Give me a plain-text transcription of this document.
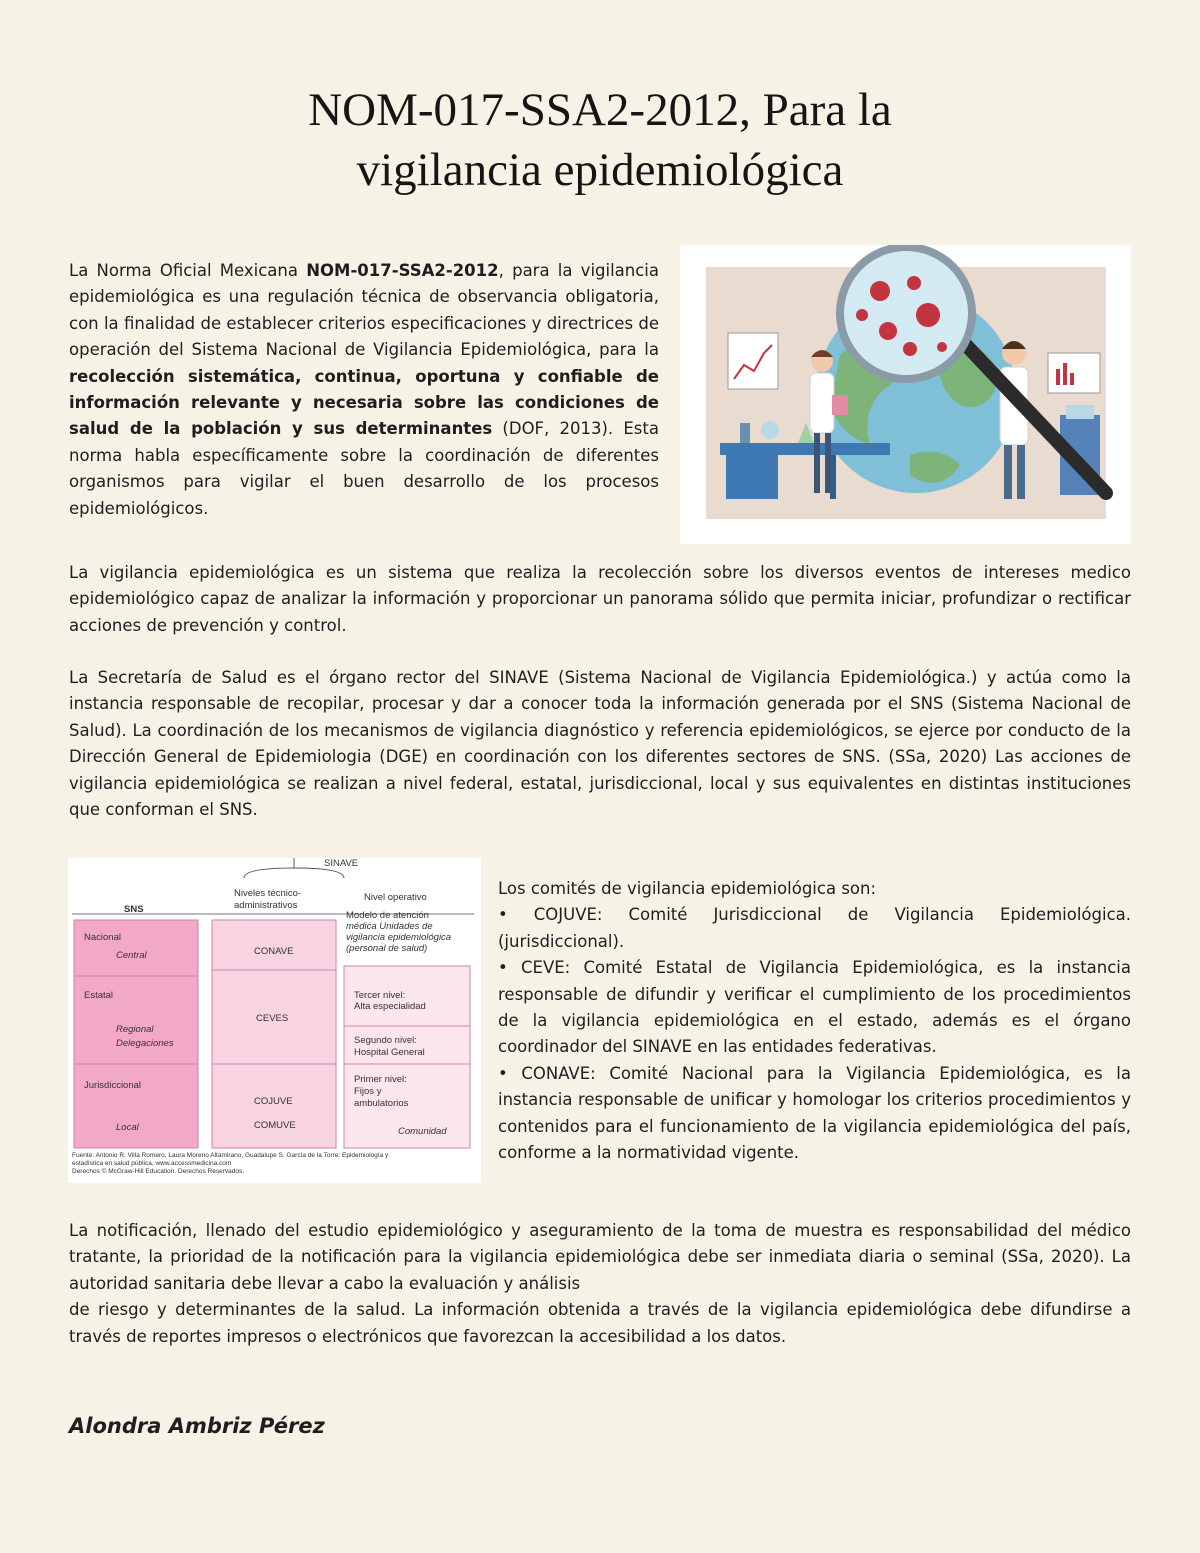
NOM-017-SSA2-2012, Para la
vigilancia epidemiológica

La Norma Oficial Mexicana NOM-017-SSA2-2012, para la vigilancia epidemiológica es una regulación técnica de observancia obligatoria, con la finalidad de establecer criterios especificaciones y directrices de operación del Sistema Nacional de Vigilancia Epidemiológica, para la recolección sistemática, continua, oportuna y confiable de información relevante y necesaria sobre las condiciones de salud de la población y sus determinantes (DOF, 2013). Esta norma habla específicamente sobre la coordinación de diferentes organismos para vigilar el buen desarrollo de los procesos epidemiológicos.

La vigilancia epidemiológica es un sistema que realiza la recolección sobre los diversos eventos de intereses medico epidemiológico capaz de analizar la información y proporcionar un panorama sólido que permita iniciar, profundizar o rectificar acciones de prevención y control.

La Secretaría de Salud es el órgano rector del SINAVE (Sistema Nacional de Vigilancia Epidemiológica.) y actúa como la instancia responsable de recopilar, procesar y dar a conocer toda la información generada por el SNS (Sistema Nacional de Salud). La coordinación de los mecanismos de vigilancia diagnóstico y referencia epidemiológicos, se ejerce por conducto de la Dirección General de Epidemiologia (DGE) en coordinación con los diferentes sectores de SNS. (SSa, 2020) Las acciones de vigilancia epidemiológica se realizan a nivel federal, estatal, jurisdiccional, local y sus equivalentes en distintas instituciones que conforman el SNS.

SINAVE
SNS
Niveles técnico-
administrativos
Nivel operativo
Modelo de atención
médica Unidades de
vigilancia epidemiológica
(personal de salud)
Nacional
Central
Estatal
Regional
Delegaciones
Jurisdiccional
Local
CONAVE
CEVES
COJUVE
COMUVE
Tercer nivel:
Alta especialidad
Segundo nivel:
Hospital General
Primer nivel:
Fijos y
ambulatorios
Comunidad
Fuente: Antonio R. Villa Romero, Laura Moreno Altamirano, Guadalupe S. García de la Torre: Epidemiología y
estadística en salud pública, www.accessmedicina.com
Derechos © McGraw-Hill Education. Derechos Reservados.
Los comités de vigilancia epidemiológica son:
• COJUVE: Comité Jurisdiccional de Vigilancia Epidemiológica. (jurisdiccional).
• CEVE: Comité Estatal de Vigilancia Epidemiológica, es la instancia responsable de difundir y verificar el cumplimiento de los procedimientos de la vigilancia epidemiológica en el estado, además es el órgano coordinador del SINAVE en las entidades federativas.
• CONAVE: Comité Nacional para la Vigilancia Epidemiológica, es la instancia responsable de unificar y homologar los criterios procedimientos y contenidos para el funcionamiento de la vigilancia epidemiológica del país, conforme a la normatividad vigente.
La notificación, llenado del estudio epidemiológico y aseguramiento de la toma de muestra es responsabilidad del médico tratante, la prioridad de la notificación para la vigilancia epidemiológica debe ser inmediata diaria o seminal (SSa, 2020). La autoridad sanitaria debe llevar a cabo la evaluación y análisis
de riesgo y determinantes de la salud. La información obtenida a través de la vigilancia epidemiológica debe difundirse a través de reportes impresos o electrónicos que favorezcan la accesibilidad a los datos.

Alondra Ambriz Pérez
